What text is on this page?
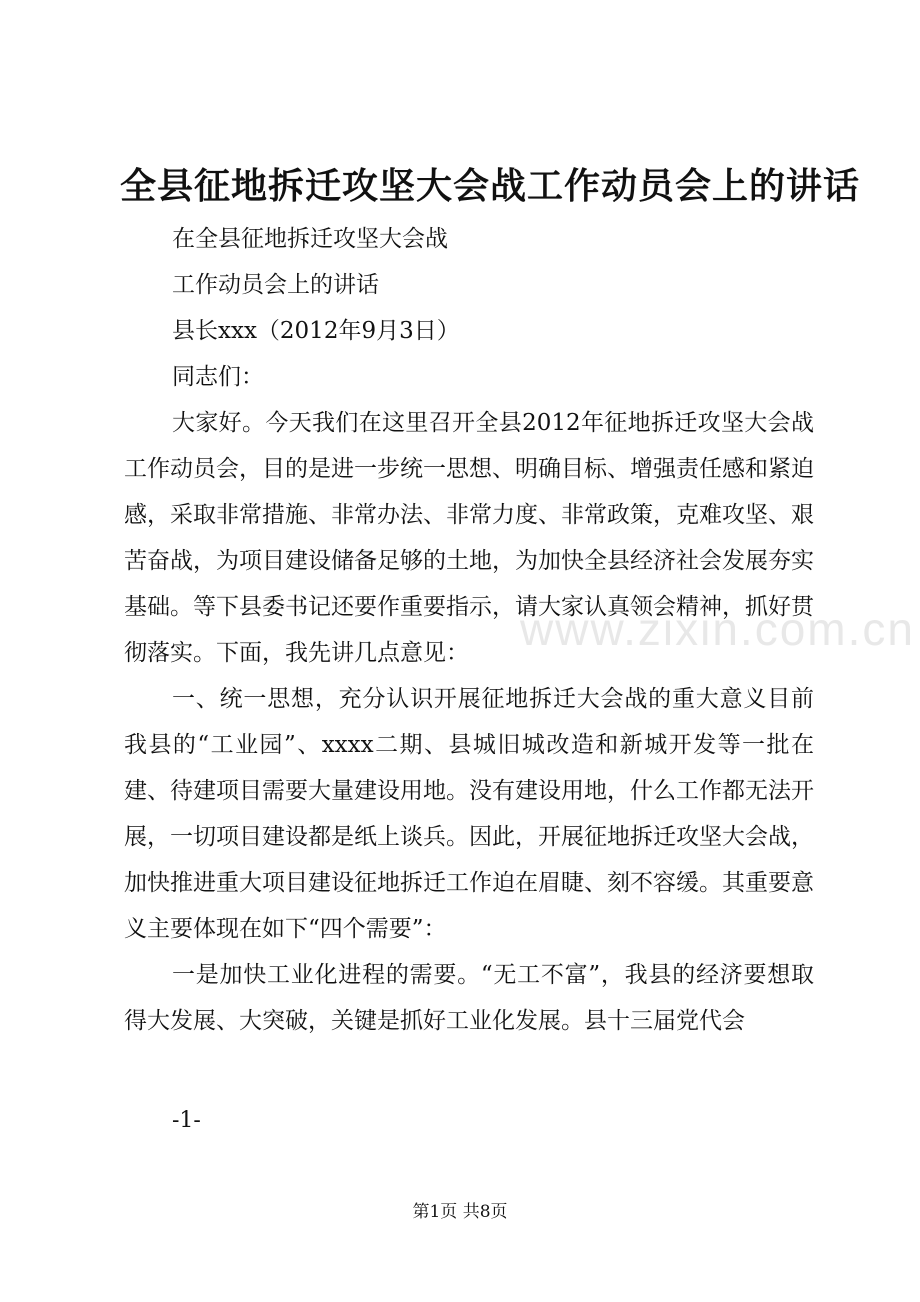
全县征地拆迁攻坚大会战工作动员会上的讲话

在全县征地拆迁攻坚大会战

工作动员会上的讲话

县长xxx（2012年9月3日）

同志们：

大家好。今天我们在这里召开全县2012年征地拆迁攻坚大会战工作动员会，目的是进一步统一思想、明确目标、增强责任感和紧迫感，采取非常措施、非常办法、非常力度、非常政策，克难攻坚、艰苦奋战，为项目建设储备足够的土地，为加快全县经济社会发展夯实基础。等下县委书记还要作重要指示，请大家认真领会精神，抓好贯彻落实。下面，我先讲几点意见：

一、统一思想，充分认识开展征地拆迁大会战的重大意义目前我县的“工业园”、xxxx二期、县城旧城改造和新城开发等一批在建、待建项目需要大量建设用地。没有建设用地，什么工作都无法开展，一切项目建设都是纸上谈兵。因此，开展征地拆迁攻坚大会战，加快推进重大项目建设征地拆迁工作迫在眉睫、刻不容缓。其重要意义主要体现在如下“四个需要”：

一是加快工业化进程的需要。“无工不富”，我县的经济要想取得大发展、大突破，关键是抓好工业化发展。县十三届党代会

www.zixin.com.cn
-1-
第1页 共8页
